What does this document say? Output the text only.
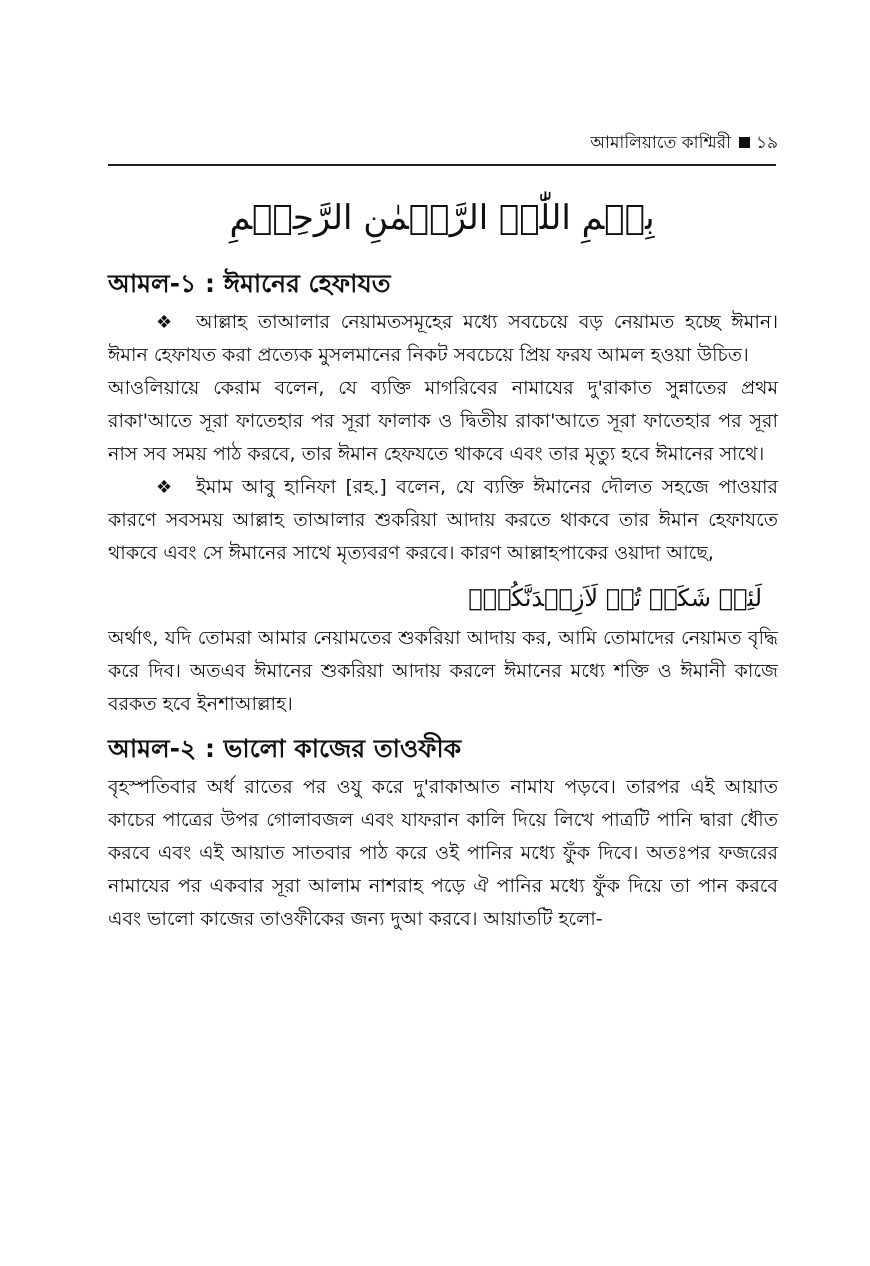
আমালিয়াতে কাশ্মিরী ১৯
بِسۡمِ اللّٰہِ الرَّحۡمٰنِ الرَّحِیۡمِ
আমল-১ : ঈমানের হেফাযত

❖ আল্লাহ তাআলার নেয়ামতসমূহের মধ্যে সবচেয়ে বড় নেয়ামত হচ্ছে ঈমান। ঈমান হেফাযত করা প্রত্যেক মুসলমানের নিকট সবচেয়ে প্রিয় ফরয আমল হওয়া উচিত।

আওলিয়ায়ে কেরাম বলেন, যে ব্যক্তি মাগরিবের নামাযের দু'রাকাত সুন্নাতের প্রথম রাকা'আতে সূরা ফাতেহার পর সূরা ফালাক ও দ্বিতীয় রাকা'আতে সূরা ফাতেহার পর সূরা নাস সব সময় পাঠ করবে, তার ঈমান হেফযতে থাকবে এবং তার মৃত্যু হবে ঈমানের সাথে।

❖ ইমাম আবু হানিফা [রহ.] বলেন, যে ব্যক্তি ঈমানের দৌলত সহজে পাওয়ার কারণে সবসময় আল্লাহ তাআলার শুকরিয়া আদায় করতে থাকবে তার ঈমান হেফাযতে থাকবে এবং সে ঈমানের সাথে মৃত্যবরণ করবে। কারণ আল্লাহপাকের ওয়াদা আছে,

لَئِنۡ شَکَرۡ تُمۡ لَاَزِیۡدَنَّکُمۡ۔

অর্থাৎ, যদি তোমরা আমার নেয়ামতের শুকরিয়া আদায় কর, আমি তোমাদের নেয়ামত বৃদ্ধি করে দিব। অতএব ঈমানের শুকরিয়া আদায় করলে ঈমানের মধ্যে শক্তি ও ঈমানী কাজে বরকত হবে ইনশাআল্লাহ।

আমল-২ : ভালো কাজের তাওফীক

বৃহস্পতিবার অর্ধ রাতের পর ওযু করে দু'রাকাআত নামায পড়বে। তারপর এই আয়াত কাচের পাত্রের উপর গোলাবজল এবং যাফরান কালি দিয়ে লিখে পাত্রটি পানি দ্বারা ধৌত করবে এবং এই আয়াত সাতবার পাঠ করে ওই পানির মধ্যে ফুঁক দিবে। অতঃপর ফজরের নামাযের পর একবার সূরা আলাম নাশরাহ পড়ে ঐ পানির মধ্যে ফুঁক দিয়ে তা পান করবে এবং ভালো কাজের তাওফীকের জন্য দুআ করবে। আয়াতটি হলো-
